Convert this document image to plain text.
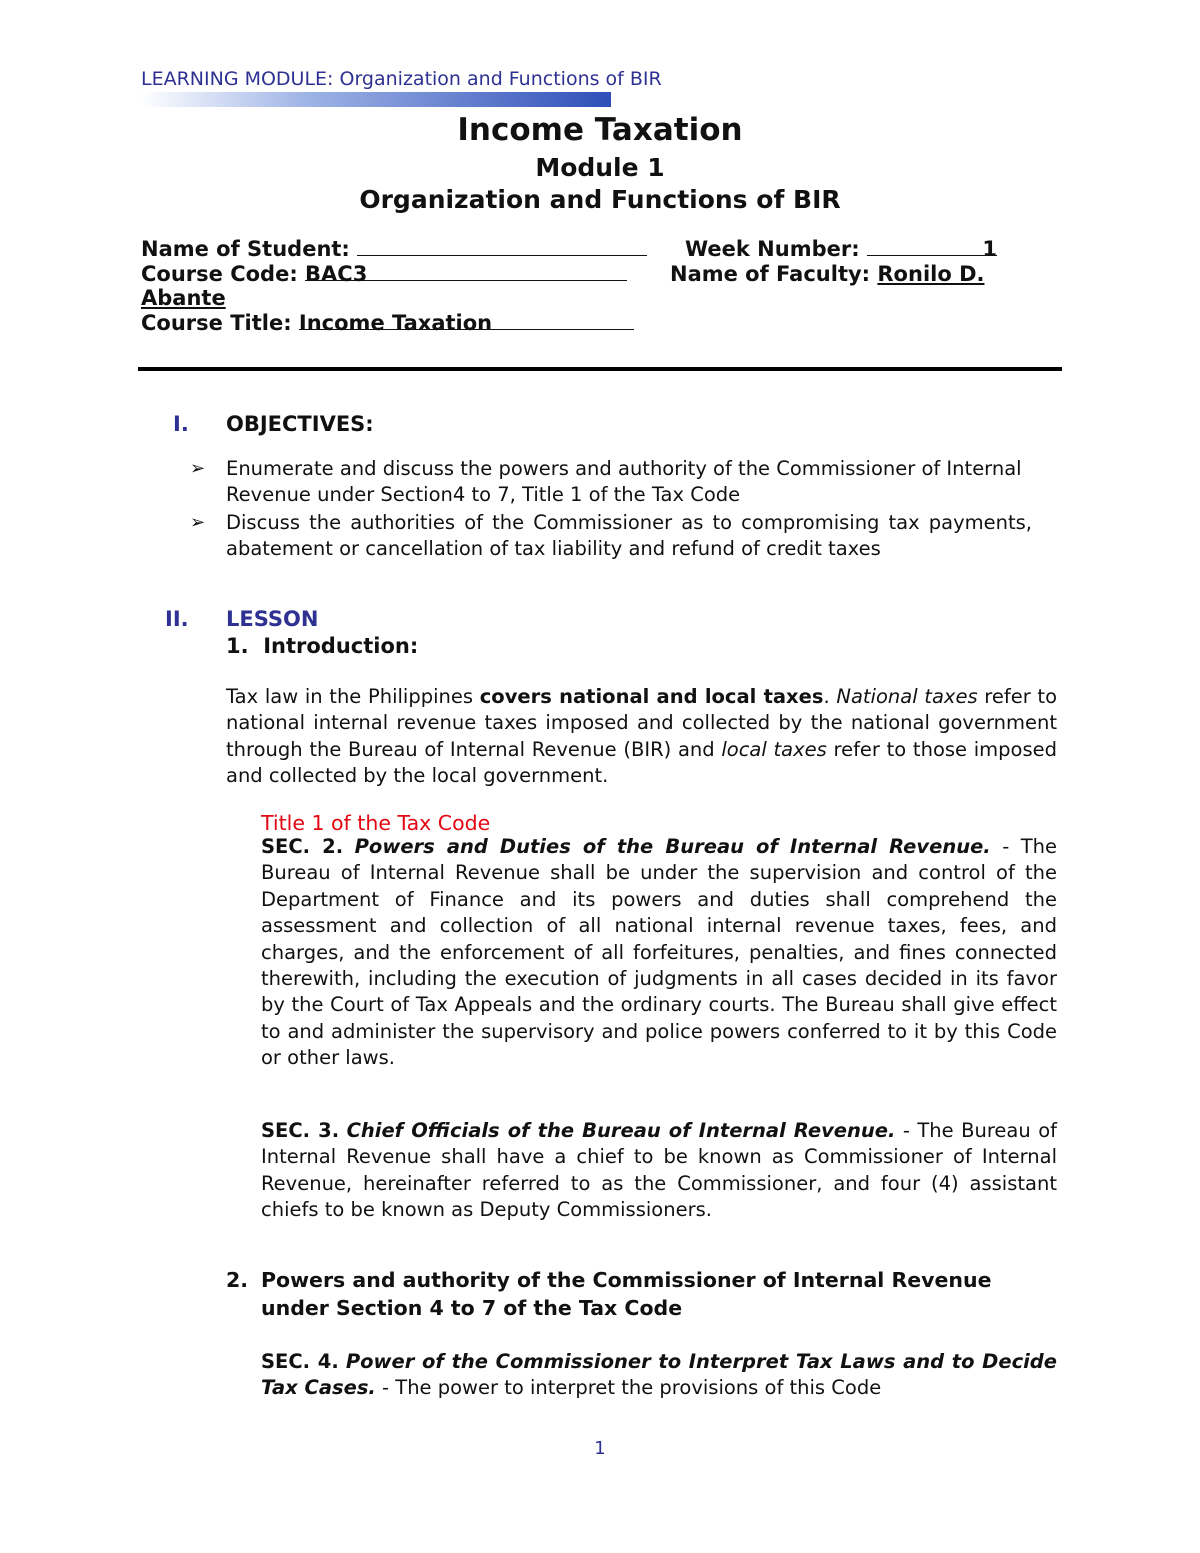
LEARNING MODULE: Organization and Functions of BIR
Income Taxation
Module 1
Organization and Functions of BIR
Name of Student:	Week Number:	1
Course Code: BAC3	Name of Faculty: Ronilo D.
Abante
Course Title: Income Taxation
I. OBJECTIVES:
➢ Enumerate and discuss the powers and authority of the Commissioner of Internal Revenue under Section4 to 7, Title 1 of the Tax Code
➢ Discuss the authorities of the Commissioner as to compromising tax payments, abatement or cancellation of tax liability and refund of credit taxes
II. LESSON
1. Introduction:
Tax law in the Philippines covers national and local taxes. National taxes refer to national internal revenue taxes imposed and collected by the national government through the Bureau of Internal Revenue (BIR) and local taxes refer to those imposed and collected by the local government.
Title 1 of the Tax Code
SEC. 2. Powers and Duties of the Bureau of Internal Revenue. - The Bureau of Internal Revenue shall be under the supervision and control of the Department of Finance and its powers and duties shall comprehend the assessment and collection of all national internal revenue taxes, fees, and charges, and the enforcement of all forfeitures, penalties, and fines connected therewith, including the execution of judgments in all cases decided in its favor by the Court of Tax Appeals and the ordinary courts. The Bureau shall give effect to and administer the supervisory and police powers conferred to it by this Code or other laws.
SEC. 3. Chief Officials of the Bureau of Internal Revenue. - The Bureau of Internal Revenue shall have a chief to be known as Commissioner of Internal Revenue, hereinafter referred to as the Commissioner, and four (4) assistant chiefs to be known as Deputy Commissioners.
2. Powers and authority of the Commissioner of Internal Revenue under Section 4 to 7 of the Tax Code
SEC. 4. Power of the Commissioner to Interpret Tax Laws and to Decide Tax Cases. - The power to interpret the provisions of this Code
1
